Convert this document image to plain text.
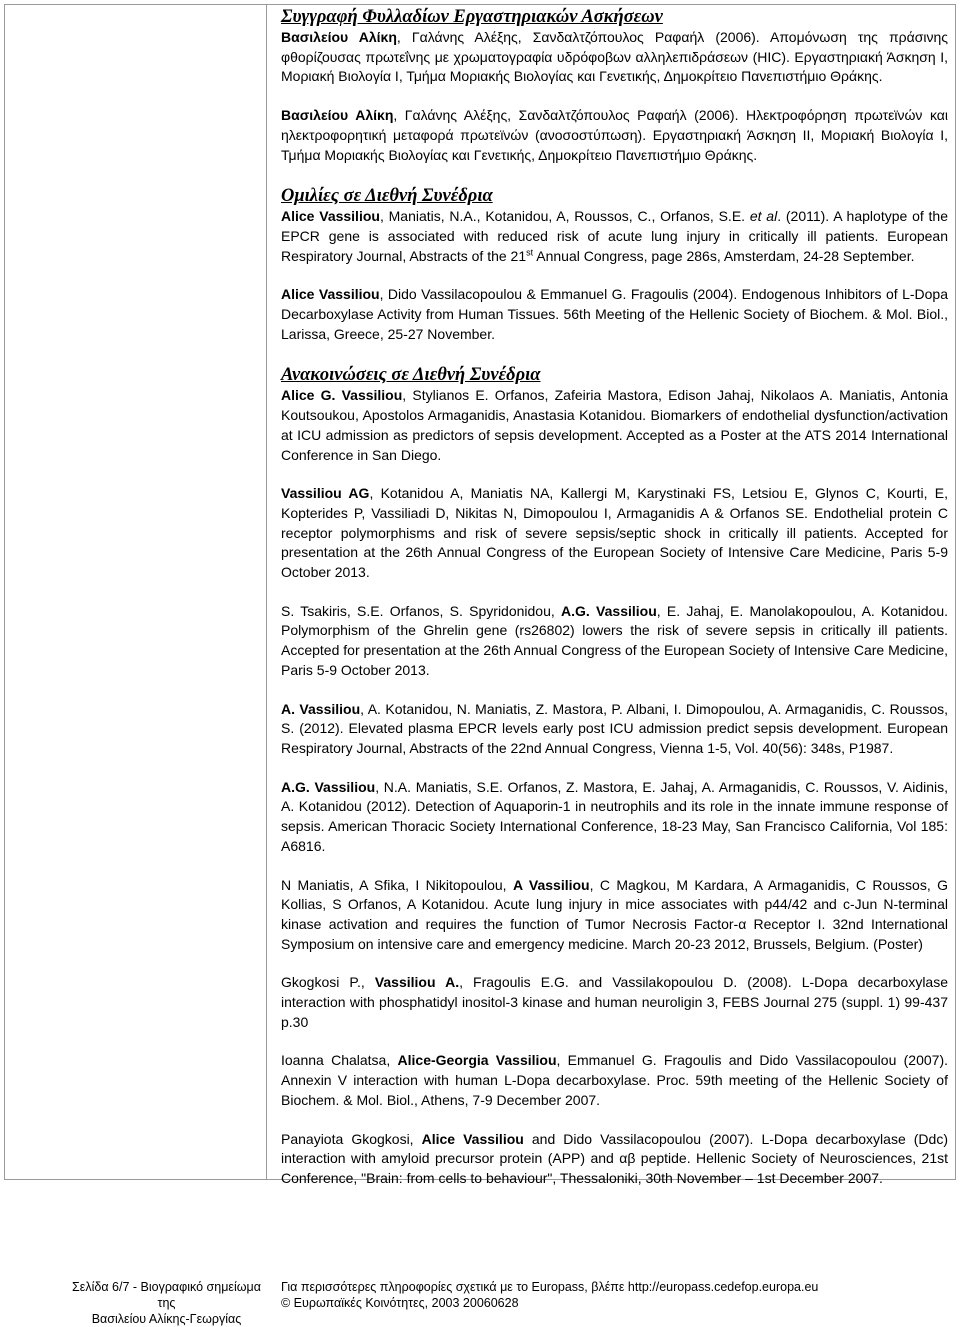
Συγγραφή Φυλλαδίων Εργαστηριακών Ασκήσεων

Βασιλείου Αλίκη, Γαλάνης Αλέξης, Σανδαλτζόπουλος Ραφαήλ (2006). Απομόνωση της πράσινης φθορίζουσας πρωτεΐνης με χρωματογραφία υδρόφοβων αλληλεπιδράσεων (HIC). Εργαστηριακή Άσκηση Ι, Μοριακή Βιολογία Ι, Τμήμα Μοριακής Βιολογίας και Γενετικής, Δημοκρίτειο Πανεπιστήμιο Θράκης.

Βασιλείου Αλίκη, Γαλάνης Αλέξης, Σανδαλτζόπουλος Ραφαήλ (2006). Ηλεκτροφόρηση πρωτεϊνών και ηλεκτροφορητική μεταφορά πρωτεϊνών (ανοσοστύπωση). Εργαστηριακή Άσκηση ΙΙ, Μοριακή Βιολογία Ι, Τμήμα Μοριακής Βιολογίας και Γενετικής, Δημοκρίτειο Πανεπιστήμιο Θράκης.

Ομιλίες σε Διεθνή Συνέδρια

Alice Vassiliou, Maniatis, N.A., Kotanidou, A, Roussos, C., Orfanos, S.E. et al. (2011). A haplotype of the EPCR gene is associated with reduced risk of acute lung injury in critically ill patients. European Respiratory Journal, Abstracts of the 21st Annual Congress, page 286s, Amsterdam, 24-28 September.

Alice Vassiliou, Dido Vassilacopoulou & Emmanuel G. Fragoulis (2004). Endogenous Inhibitors of L-Dopa Decarboxylase Activity from Human Tissues. 56th Meeting of the Hellenic Society of Biochem. & Mol. Biol., Larissa, Greece, 25-27 November.

Ανακοινώσεις σε Διεθνή Συνέδρια

Alice G. Vassiliou, Stylianos E. Orfanos, Zafeiria Mastora, Edison Jahaj, Nikolaos A. Maniatis, Antonia Koutsoukou, Apostolos Armaganidis, Anastasia Kotanidou. Biomarkers of endothelial dysfunction/activation at ICU admission as predictors of sepsis development. Accepted as a Poster at the ATS 2014 International Conference in San Diego.

Vassiliou AG, Kotanidou A, Maniatis NA, Kallergi M, Karystinaki FS, Letsiou E, Glynos C, Kourti, E, Kopterides P, Vassiliadi D, Nikitas N, Dimopoulou I, Armaganidis A & Orfanos SE. Endothelial protein C receptor polymorphisms and risk of severe sepsis/septic shock in critically ill patients. Accepted for presentation at the 26th Annual Congress of the European Society of Intensive Care Medicine, Paris 5-9 October 2013.

S. Tsakiris, S.E. Orfanos, S. Spyridonidou, A.G. Vassiliou, E. Jahaj, E. Manolakopoulou, A. Kotanidou. Polymorphism of the Ghrelin gene (rs26802) lowers the risk of severe sepsis in critically ill patients. Accepted for presentation at the 26th Annual Congress of the European Society of Intensive Care Medicine, Paris 5-9 October 2013.

A. Vassiliou, A. Kotanidou, N. Maniatis, Z. Mastora, P. Albani, I. Dimopoulou, A. Armaganidis, C. Roussos, S. (2012). Elevated plasma EPCR levels early post ICU admission predict sepsis development. European Respiratory Journal, Abstracts of the 22nd Annual Congress, Vienna 1-5, Vol. 40(56): 348s, P1987.

A.G. Vassiliou, N.A. Maniatis, S.E. Orfanos, Z. Mastora, E. Jahaj, A. Armaganidis, C. Roussos, V. Aidinis, A. Kotanidou (2012). Detection of Aquaporin-1 in neutrophils and its role in the innate immune response of sepsis. American Thoracic Society International Conference, 18-23 May, San Francisco California, Vol 185: A6816.

N Maniatis, A Sfika, I Nikitopoulou, A Vassiliou, C Magkou, M Kardara, A Armaganidis, C Roussos, G Kollias, S Orfanos, A Kotanidou. Acute lung injury in mice associates with p44/42 and c-Jun N-terminal kinase activation and requires the function of Tumor Necrosis Factor-α Receptor I. 32nd International Symposium on intensive care and emergency medicine. March 20-23 2012, Brussels, Belgium. (Poster)

Gkogkosi P., Vassiliou A., Fragoulis E.G. and Vassilakopoulou D. (2008). L-Dopa decarboxylase interaction with phosphatidyl inositol-3 kinase and human neuroligin 3, FEBS Journal 275 (suppl. 1) 99-437 p.30

Ioanna Chalatsa, Alice-Georgia Vassiliou, Emmanuel G. Fragoulis and Dido Vassilacopoulou (2007). Annexin V interaction with human L-Dopa decarboxylase. Proc. 59th meeting of the Hellenic Society of Biochem. & Mol. Biol., Athens, 7-9 December 2007.

Panayiota Gkogkosi, Alice Vassiliou and Dido Vassilacopoulou (2007). L-Dopa decarboxylase (Ddc) interaction with amyloid precursor protein (APP) and αβ peptide. Hellenic Society of Neurosciences, 21st Conference, "Brain: from cells to behaviour", Thessaloniki, 30th November – 1st December 2007.

Σελίδα 6/7 - Βιογραφικό σημείωμα της
Βασιλείου Αλίκης-Γεωργίας
Για περισσότερες πληροφορίες σχετικά με το Europass, βλέπε http://europass.cedefop.europa.eu
© Ευρωπαϊκές Κοινότητες, 2003 20060628
